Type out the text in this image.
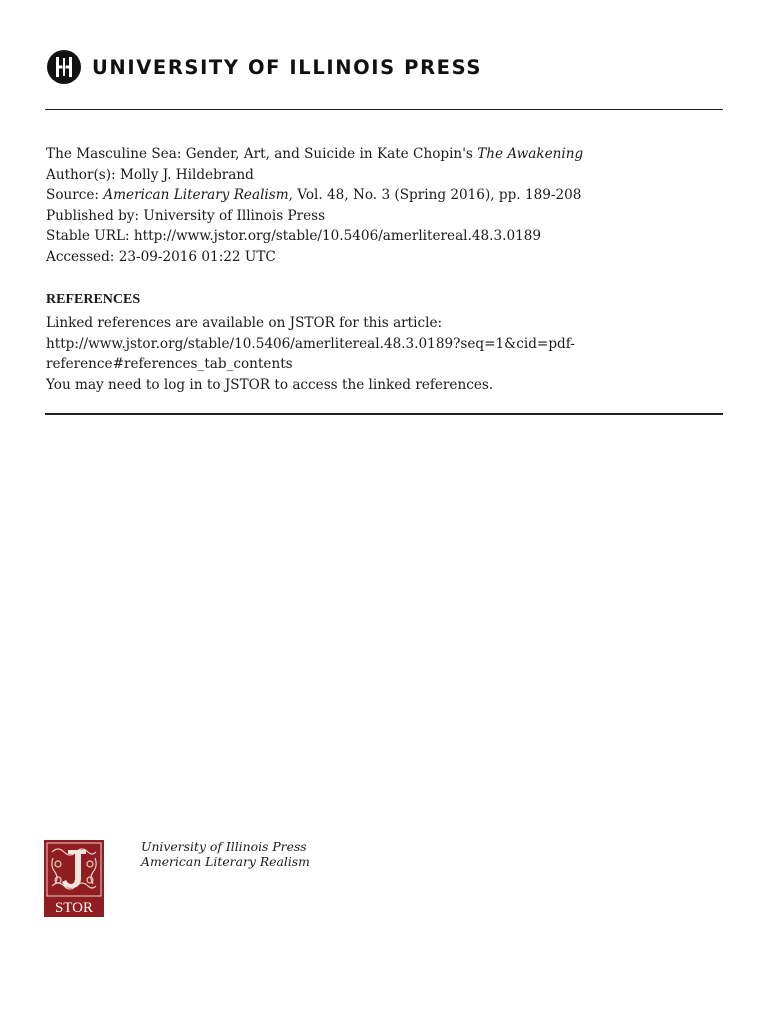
UNIVERSITY OF ILLINOIS PRESS
The Masculine Sea: Gender, Art, and Suicide in Kate Chopin's The Awakening
Author(s): Molly J. Hildebrand
Source: American Literary Realism, Vol. 48, No. 3 (Spring 2016), pp. 189-208
Published by: University of Illinois Press
Stable URL: http://www.jstor.org/stable/10.5406/amerlitereal.48.3.0189
Accessed: 23-09-2016 01:22 UTC
REFERENCES
Linked references are available on JSTOR for this article:
http://www.jstor.org/stable/10.5406/amerlitereal.48.3.0189?seq=1&cid=pdf-
reference#references_tab_contents
You may need to log in to JSTOR to access the linked references.
STOR
University of Illinois Press
American Literary Realism
